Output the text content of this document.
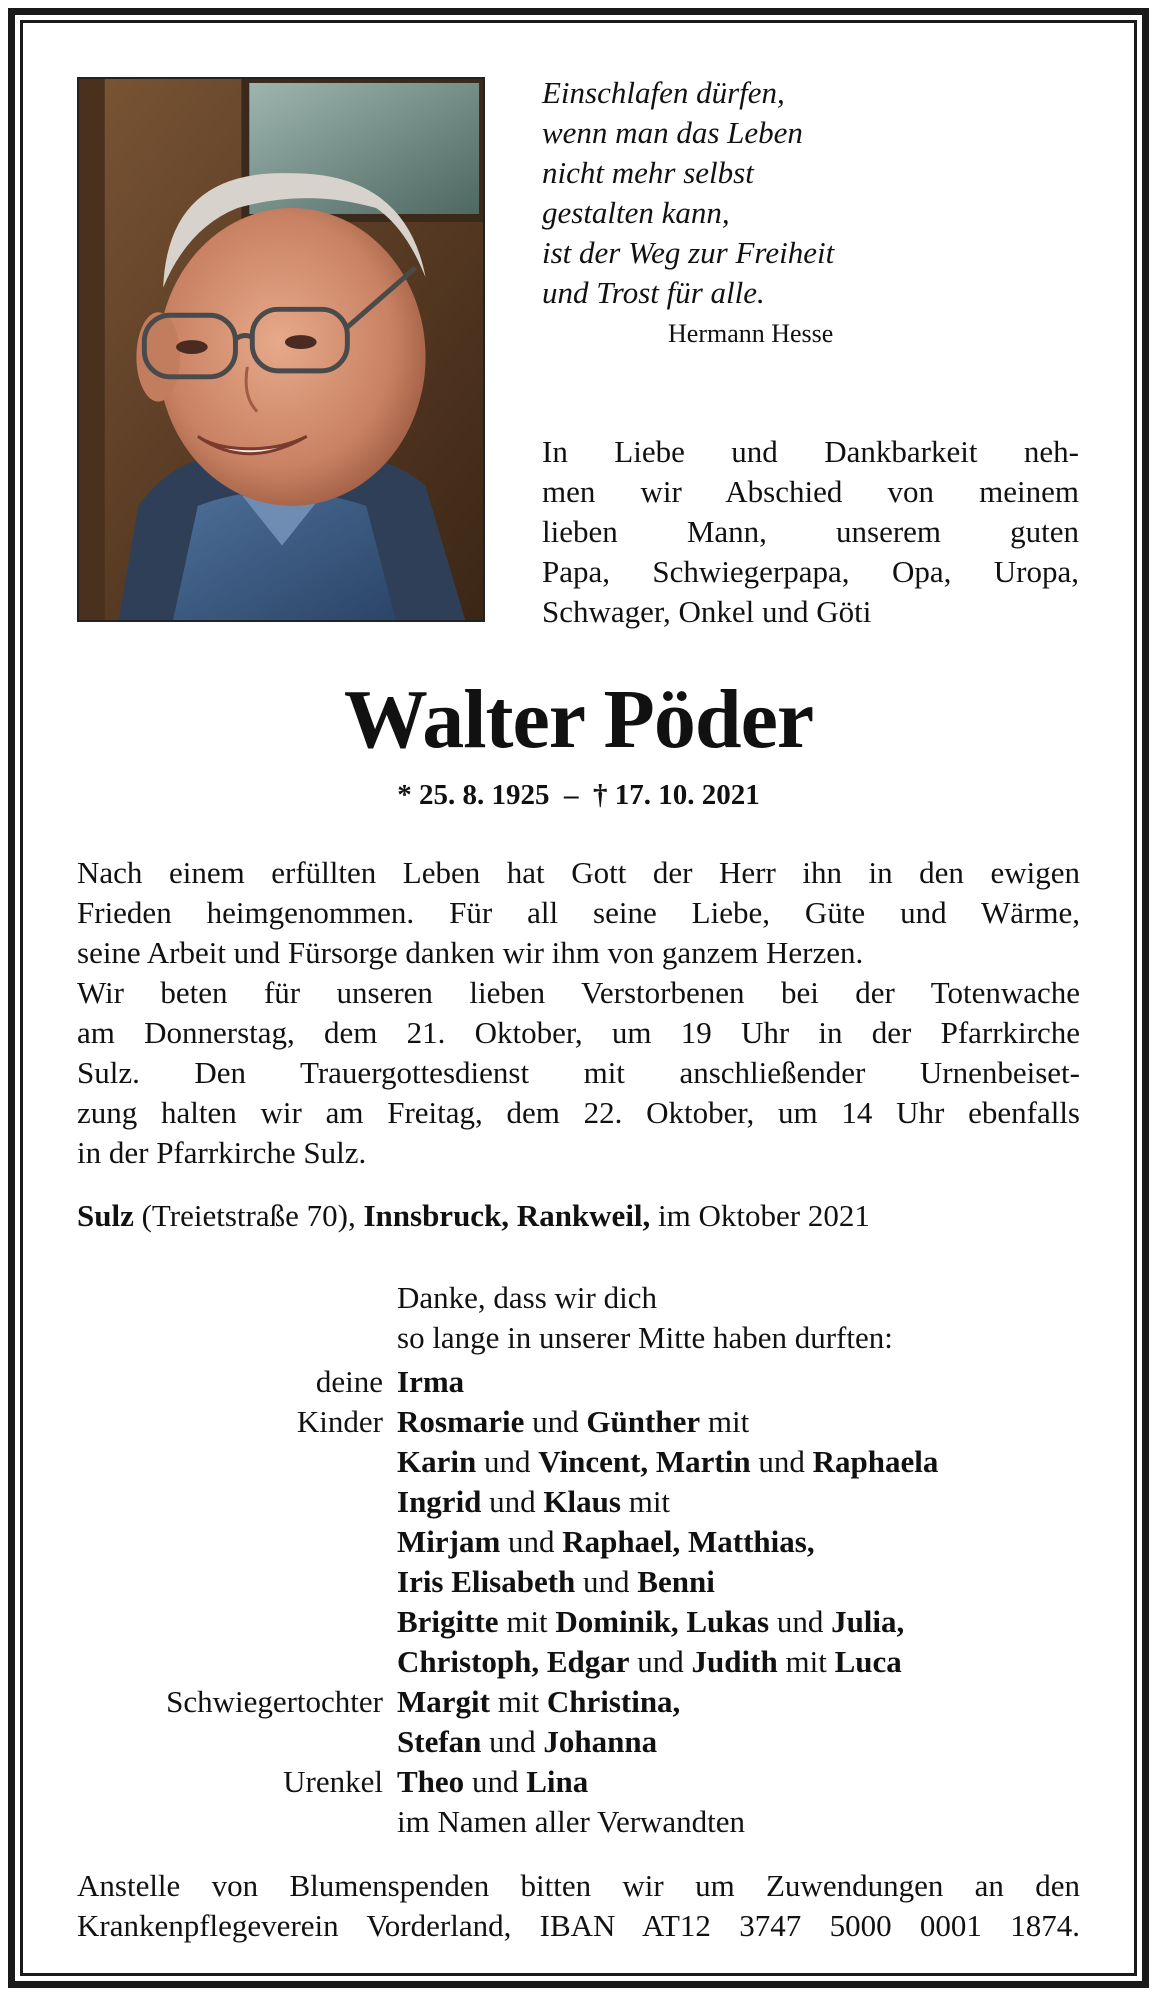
Einschlafen dürfen,
wenn man das Leben
nicht mehr selbst
gestalten kann,
ist der Weg zur Freiheit
und Trost für alle.
Hermann Hesse
In Liebe und Dankbarkeit neh-
men wir Abschied von meinem
lieben Mann, unserem guten
Papa, Schwiegerpapa, Opa, Uropa,
Schwager, Onkel und Göti
Walter Pöder
* 25. 8. 1925  –  † 17. 10. 2021
Nach einem erfüllten Leben hat Gott der Herr ihn in den ewigen
Frieden heimgenommen. Für all seine Liebe, Güte und Wärme,
seine Arbeit und Fürsorge danken wir ihm von ganzem Herzen.
Wir beten für unseren lieben Verstorbenen bei der Totenwache
am Donnerstag, dem 21. Oktober, um 19 Uhr in der Pfarrkirche
Sulz. Den Trauergottesdienst mit anschließender Urnenbeiset-
zung halten wir am Freitag, dem 22. Oktober, um 14 Uhr ebenfalls
in der Pfarrkirche Sulz.
Sulz (Treietstraße 70), Innsbruck, Rankweil, im Oktober 2021
Danke, dass wir dich
so lange in unserer Mitte haben durften:
deine Irma
Kinder Rosmarie und Günther mit
Karin und Vincent, Martin und Raphaela
Ingrid und Klaus mit
Mirjam und Raphael, Matthias,
Iris Elisabeth und Benni
Brigitte mit Dominik, Lukas und Julia,
Christoph, Edgar und Judith mit Luca
Schwiegertochter Margit mit Christina,
Stefan und Johanna
Urenkel Theo und Lina
im Namen aller Verwandten
Anstelle von Blumenspenden bitten wir um Zuwendungen an den
Krankenpflegeverein Vorderland, IBAN AT12 3747 5000 0001 1874.
